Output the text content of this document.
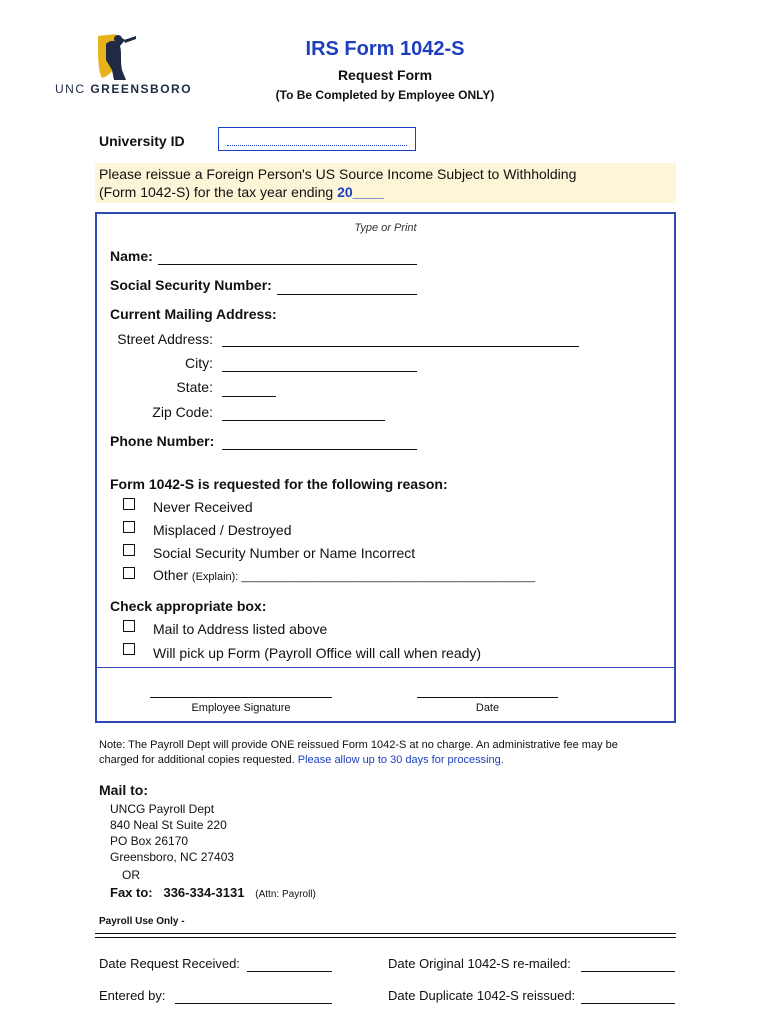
UNC GREENSBORO
IRS Form 1042-S
Request Form
(To Be Completed by Employee ONLY)
University ID
Please reissue a Foreign Person's US Source Income Subject to Withholding
(Form 1042-S) for the tax year ending 20____
Type or Print
Name:
Social Security Number:
Current Mailing Address:
Street Address:
City:
State:
Zip Code:
Phone Number:
Form 1042-S is requested for the following reason:
Never Received
Misplaced / Destroyed
Social Security Number or Name Incorrect
Other (Explain): ________________________________________________
Check appropriate box:
Mail to Address listed above
Will pick up Form (Payroll Office will call when ready)
Employee Signature	Date
Note: The Payroll Dept will provide ONE reissued Form 1042-S at no charge. An administrative fee may be charged for additional copies requested. Please allow up to 30 days for processing.
Mail to:
UNCG Payroll Dept
840 Neal St Suite 220
PO Box 26170
Greensboro, NC 27403
OR
Fax to: 336-334-3131 (Attn: Payroll)
Payroll Use Only -
Date Request Received:
Entered by:
Date Original 1042-S re-mailed:
Date Duplicate 1042-S reissued:
